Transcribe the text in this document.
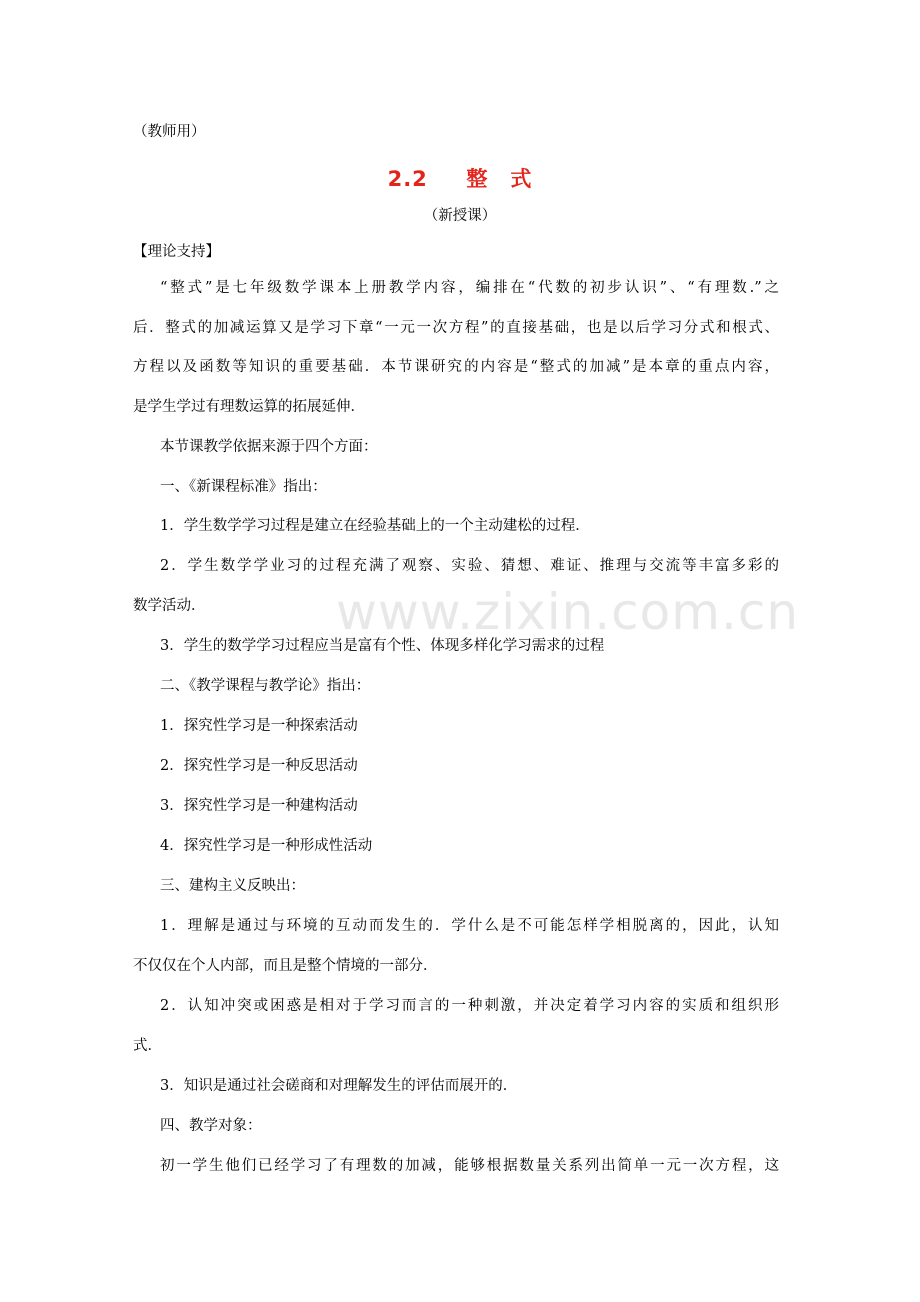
（教师用）
2.2 整　式
（新授课）
【理论支持】
“整式”是七年级数学课本上册教学内容，编排在“代数的初步认识”、“有理数.”之
后．整式的加减运算又是学习下章“一元一次方程”的直接基础，也是以后学习分式和根式、
方程以及函数等知识的重要基础．本节课研究的内容是“整式的加减”是本章的重点内容，
是学生学过有理数运算的拓展延伸．
本节课教学依据来源于四个方面：
一、《新课程标准》指出：
1．学生数学学习过程是建立在经验基础上的一个主动建松的过程．
2．学生数学学业习的过程充满了观察、实验、猜想、难证、推理与交流等丰富多彩的
数学活动．
3．学生的数学学习过程应当是富有个性、体现多样化学习需求的过程
二、《教学课程与教学论》指出：
1．探究性学习是一种探索活动
2．探究性学习是一种反思活动
3．探究性学习是一种建构活动
4．探究性学习是一种形成性活动
三、建构主义反映出：
1．理解是通过与环境的互动而发生的．学什么是不可能怎样学相脱离的，因此，认知
不仅仅在个人内部，而且是整个情境的一部分．
2．认知冲突或困惑是相对于学习而言的一种刺激，并决定着学习内容的实质和组织形
式．
3．知识是通过社会磋商和对理解发生的评估而展开的．
四、教学对象：
初一学生他们已经学习了有理数的加减，能够根据数量关系列出简单一元一次方程，这
www.zixin.com.cn
